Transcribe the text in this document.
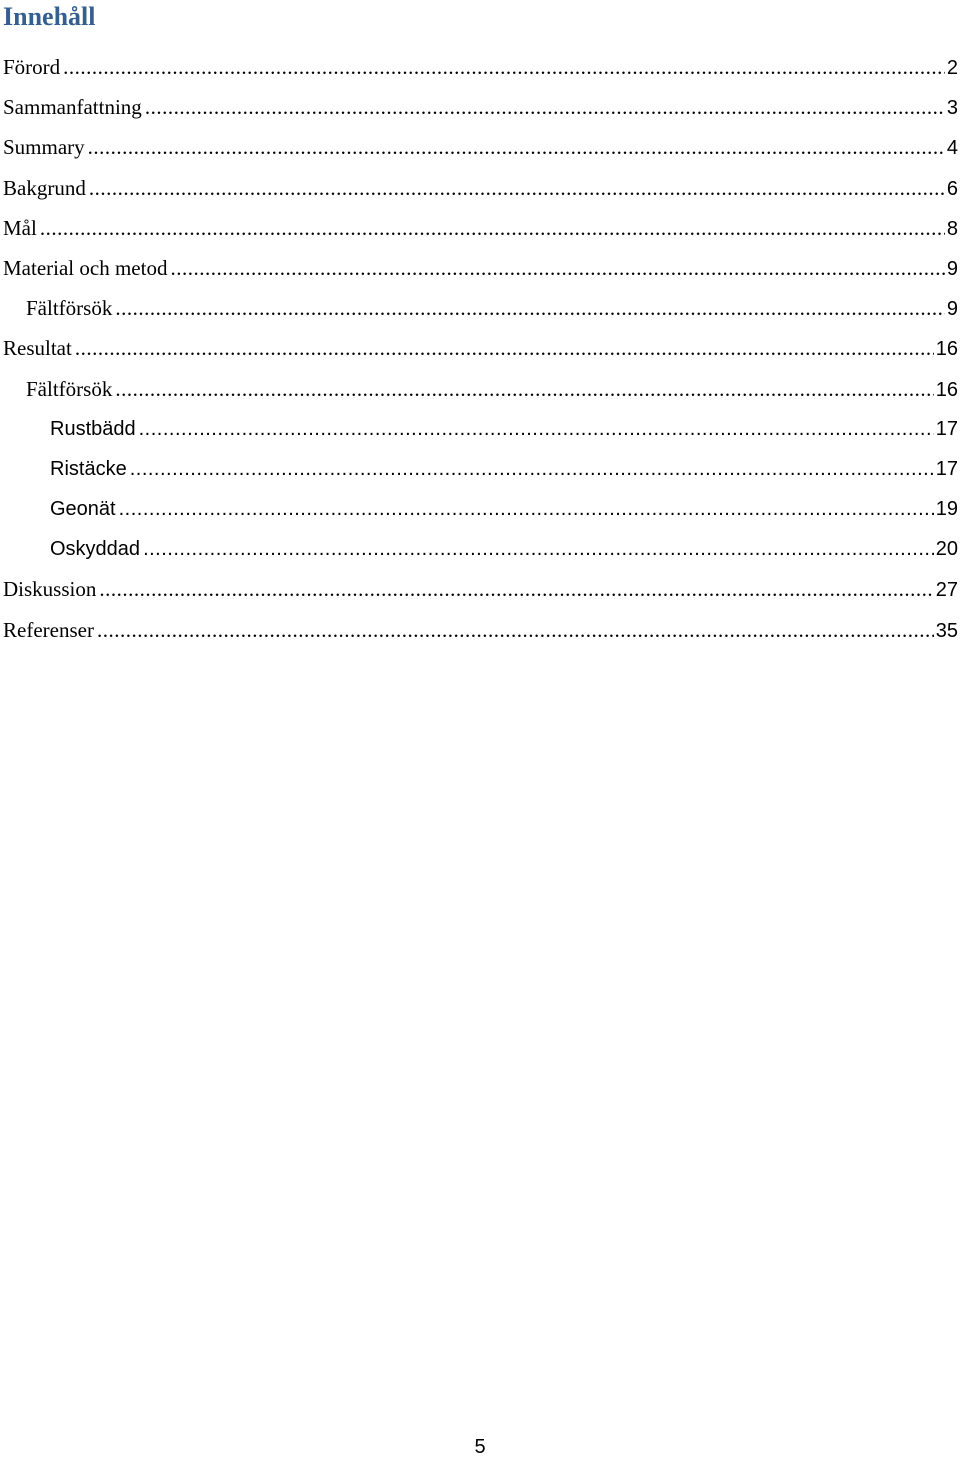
Innehåll
Förord .....	2
Sammanfattning .....	3
Summary .....	4
Bakgrund .....	6
Mål .....	8
Material och metod .....	9
Fältförsök .....	9
Resultat .....	16
Fältförsök .....	16
Rustbädd .....	17
Ristäcke .....	17
Geonät .....	19
Oskyddad .....	20
Diskussion .....	27
Referenser .....	35
5
